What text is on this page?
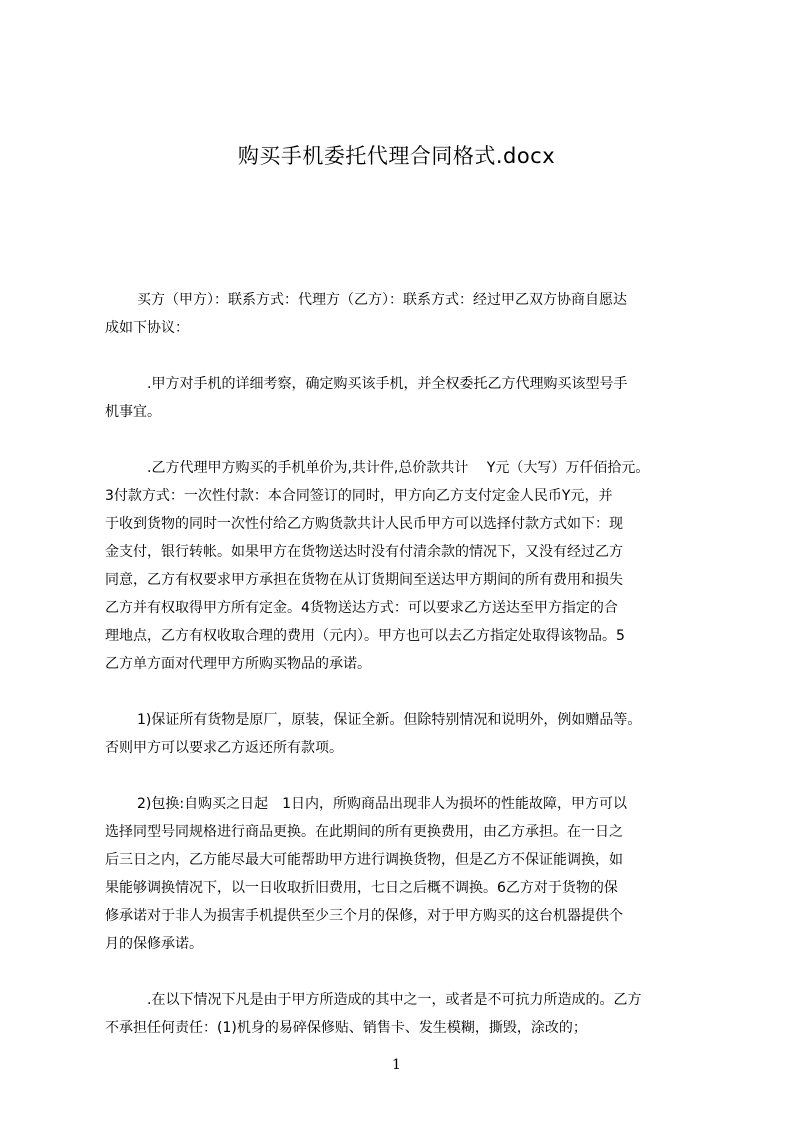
购买手机委托代理合同格式.docx
买方（甲方）：联系方式：代理方（乙方）：联系方式：经过甲乙双方协商自愿达
成如下协议：
.甲方对手机的详细考察，确定购买该手机，并全权委托乙方代理购买该型号手
机事宜。
.乙方代理甲方购买的手机单价为,共计件,总价款共计　 Y元（大写）万仟佰拾元。
3付款方式：一次性付款：本合同签订的同时，甲方向乙方支付定金人民币Y元，并
于收到货物的同时一次性付给乙方购货款共计人民币甲方可以选择付款方式如下：现
金支付，银行转帐。如果甲方在货物送达时没有付清余款的情况下，又没有经过乙方
同意，乙方有权要求甲方承担在货物在从订货期间至送达甲方期间的所有费用和损失
乙方并有权取得甲方所有定金。4货物送达方式：可以要求乙方送达至甲方指定的合
理地点，乙方有权收取合理的费用（元内）。甲方也可以去乙方指定处取得该物品。5
乙方单方面对代理甲方所购买物品的承诺。
1)保证所有货物是原厂，原装，保证全新。但除特别情况和说明外，例如赠品等。
否则甲方可以要求乙方返还所有款项。
2)包换:自购买之日起　1日内，所购商品出现非人为损坏的性能故障，甲方可以
选择同型号同规格进行商品更换。在此期间的所有更换费用，由乙方承担。在一日之
后三日之内，乙方能尽最大可能帮助甲方进行调换货物，但是乙方不保证能调换，如
果能够调换情况下，以一日收取折旧费用，七日之后概不调换。6乙方对于货物的保
修承诺对于非人为损害手机提供至少三个月的保修，对于甲方购买的这台机器提供个
月的保修承诺。
.在以下情况下凡是由于甲方所造成的其中之一，或者是不可抗力所造成的。乙方
不承担任何责任：(1)机身的易碎保修贴、销售卡、发生模糊，撕毁，涂改的；
1
